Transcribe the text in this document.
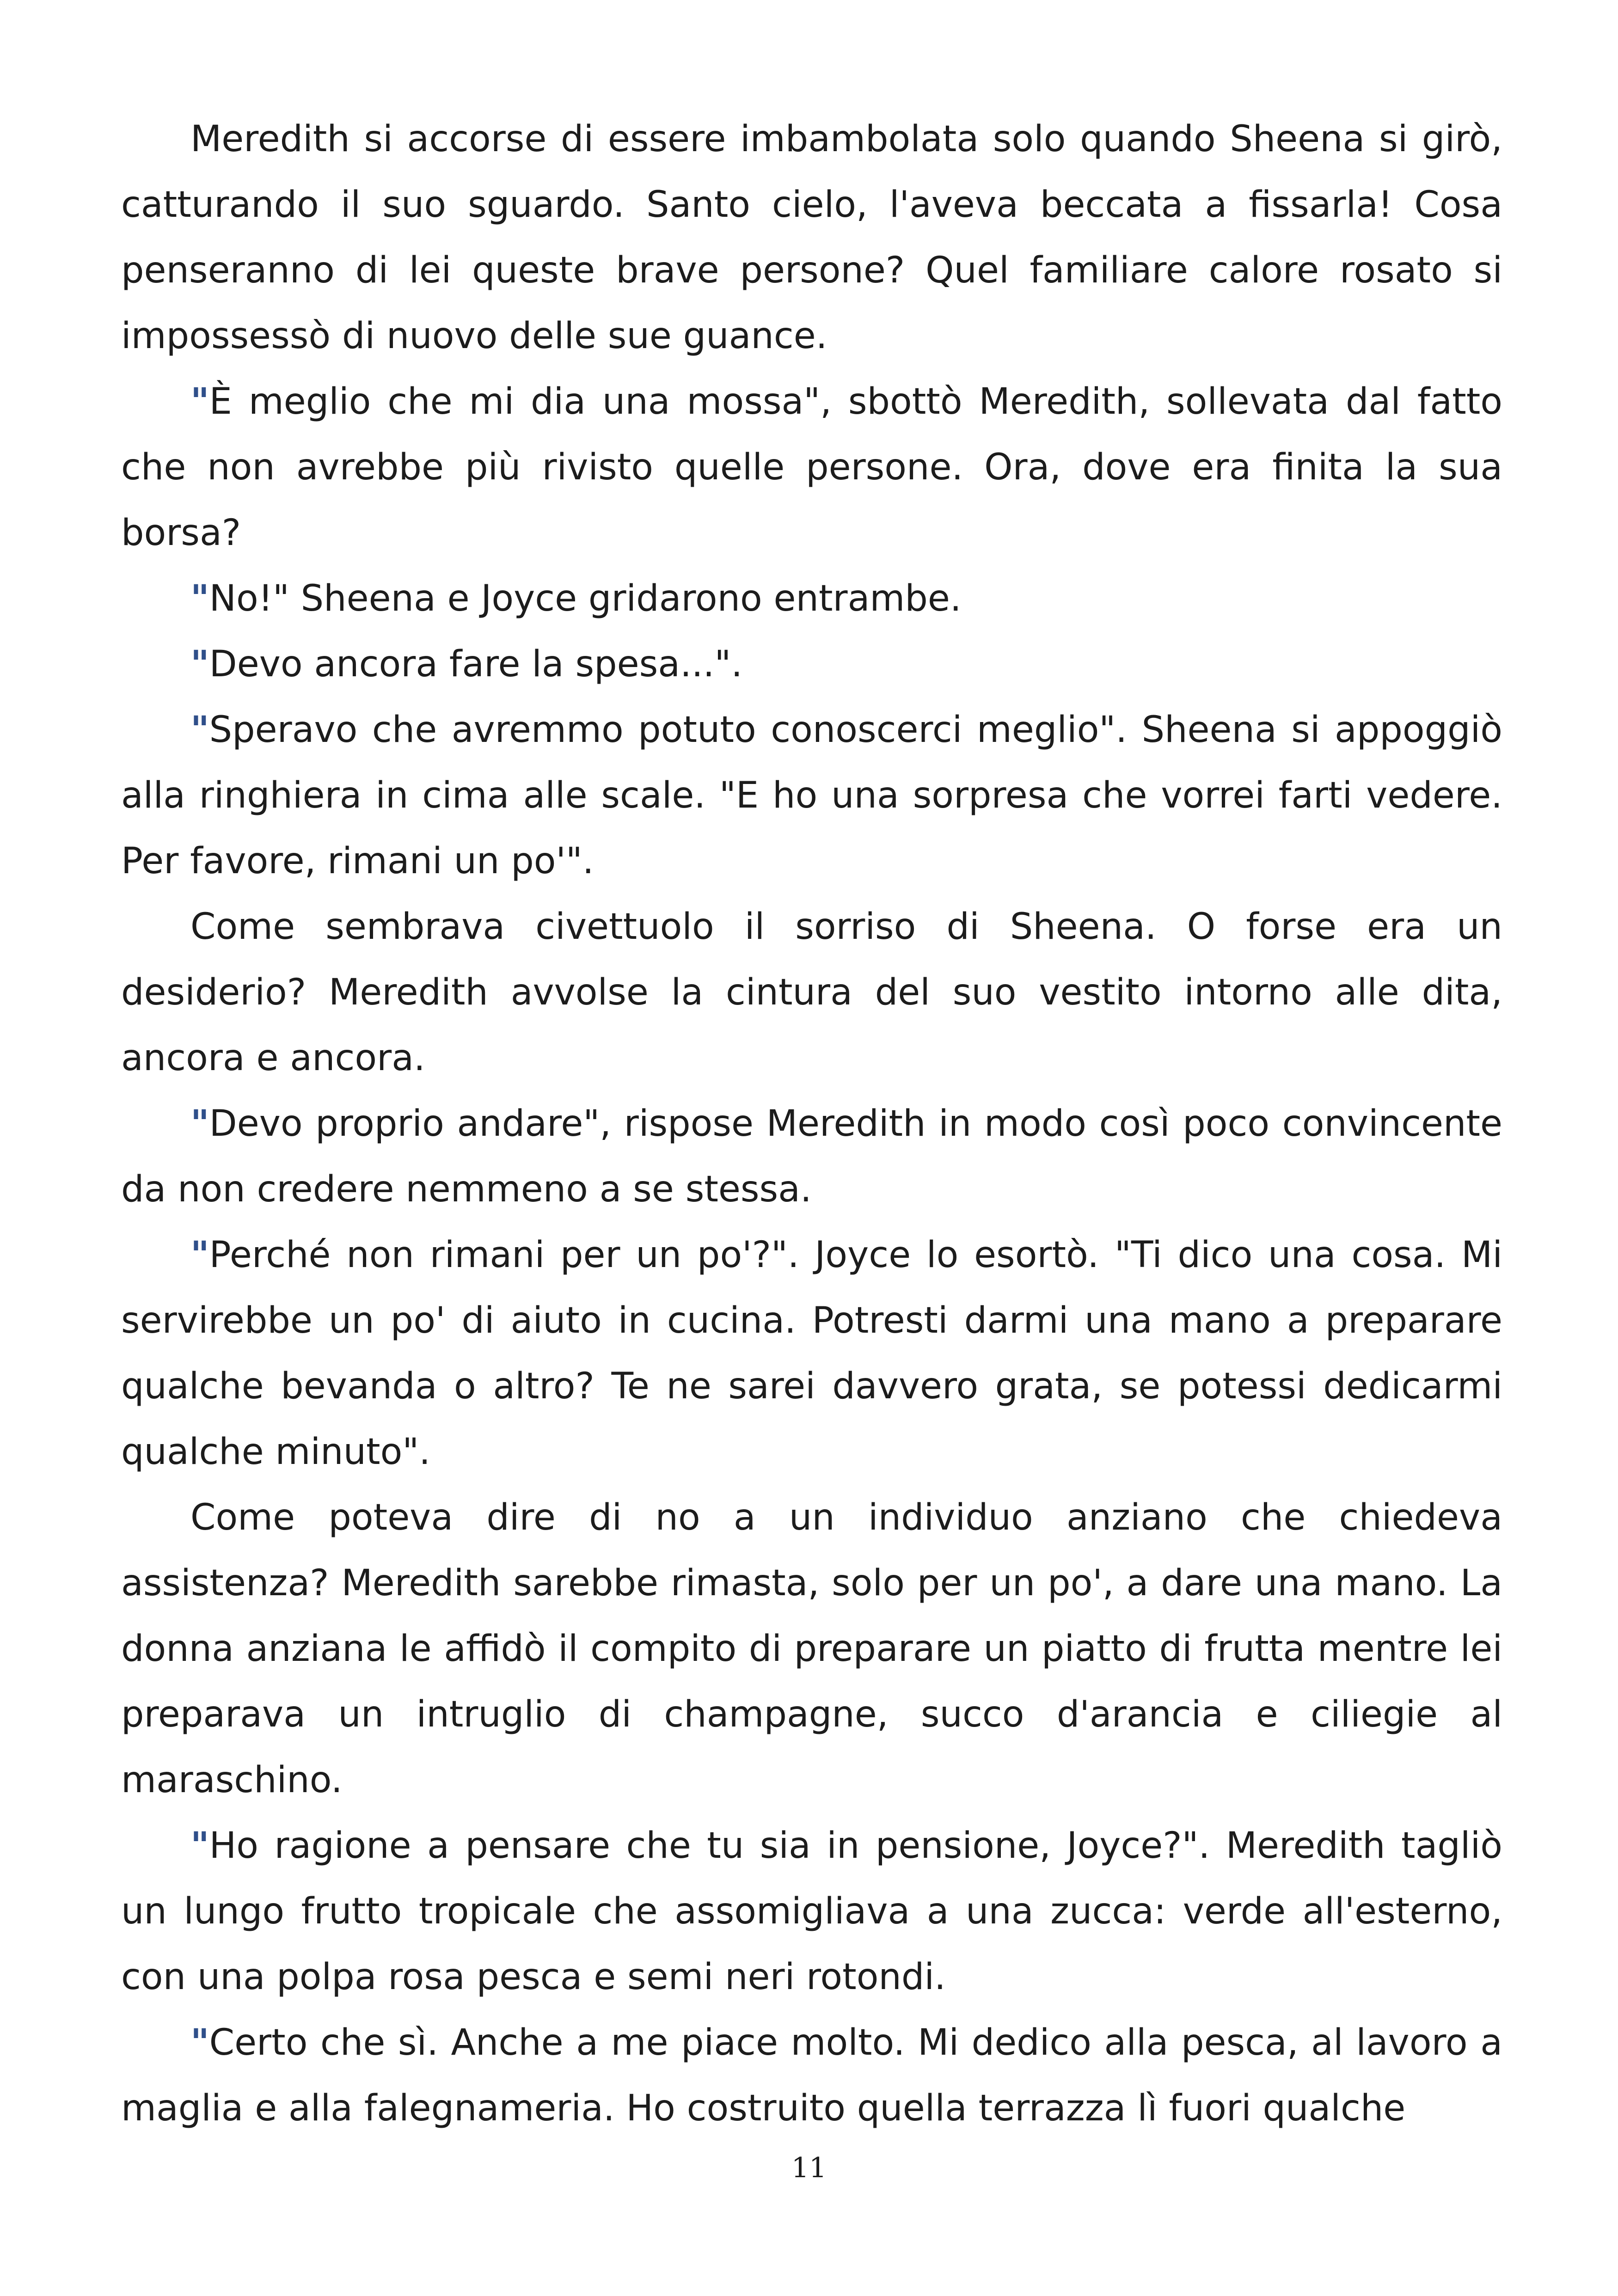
Meredith si accorse di essere imbambolata solo quando Sheena si girò, catturando il suo sguardo. Santo cielo, l'aveva beccata a fissarla! Cosa penseranno di lei queste brave persone? Quel familiare calore rosato si impossessò di nuovo delle sue guance.

"È meglio che mi dia una mossa", sbottò Meredith, sollevata dal fatto che non avrebbe più rivisto quelle persone. Ora, dove era finita la sua borsa?

"No!" Sheena e Joyce gridarono entrambe.

"Devo ancora fare la spesa...".

"Speravo che avremmo potuto conoscerci meglio". Sheena si appoggiò alla ringhiera in cima alle scale. "E ho una sorpresa che vorrei farti vedere. Per favore, rimani un po'".

Come sembrava civettuolo il sorriso di Sheena. O forse era un desiderio? Meredith avvolse la cintura del suo vestito intorno alle dita, ancora e ancora.

"Devo proprio andare", rispose Meredith in modo così poco convincente da non credere nemmeno a se stessa.

"Perché non rimani per un po'?". Joyce lo esortò. "Ti dico una cosa. Mi servirebbe un po' di aiuto in cucina. Potresti darmi una mano a preparare qualche bevanda o altro? Te ne sarei davvero grata, se potessi dedicarmi qualche minuto".

Come poteva dire di no a un individuo anziano che chiedeva assistenza? Meredith sarebbe rimasta, solo per un po', a dare una mano. La donna anziana le affidò il compito di preparare un piatto di frutta mentre lei preparava un intruglio di champagne, succo d'arancia e ciliegie al maraschino.

"Ho ragione a pensare che tu sia in pensione, Joyce?". Meredith tagliò un lungo frutto tropicale che assomigliava a una zucca: verde all'esterno, con una polpa rosa pesca e semi neri rotondi.

"Certo che sì. Anche a me piace molto. Mi dedico alla pesca, al lavoro a maglia e alla falegnameria. Ho costruito quella terrazza lì fuori qualche

11
